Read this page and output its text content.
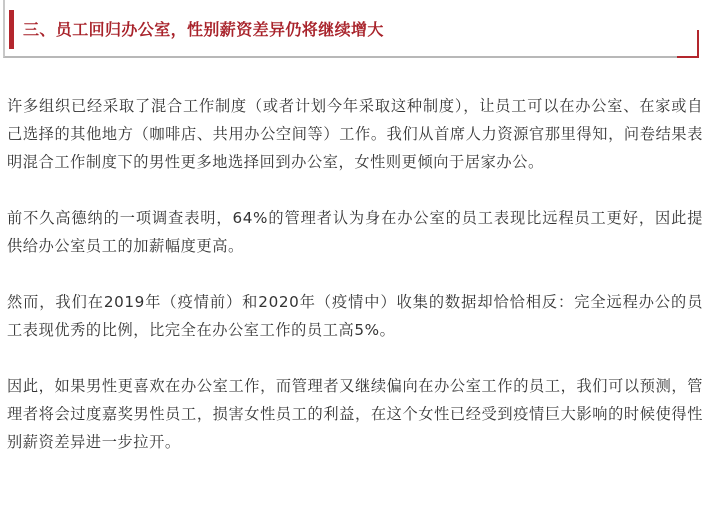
三、员工回归办公室，性别薪资差异仍将继续增大

许多组织已经采取了混合工作制度（或者计划今年采取这种制度），让员工可以在办公室、在家或自己选择的其他地方（咖啡店、共用办公空间等）工作。我们从首席人力资源官那里得知，问卷结果表明混合工作制度下的男性更多地选择回到办公室，女性则更倾向于居家办公。

前不久高德纳的一项调查表明，64%的管理者认为身在办公室的员工表现比远程员工更好，因此提供给办公室员工的加薪幅度更高。

然而，我们在2019年（疫情前）和2020年（疫情中）收集的数据却恰恰相反：完全远程办公的员工表现优秀的比例，比完全在办公室工作的员工高5%。

因此，如果男性更喜欢在办公室工作，而管理者又继续偏向在办公室工作的员工，我们可以预测，管理者将会过度嘉奖男性员工，损害女性员工的利益，在这个女性已经受到疫情巨大影响的时候使得性别薪资差异进一步拉开。
